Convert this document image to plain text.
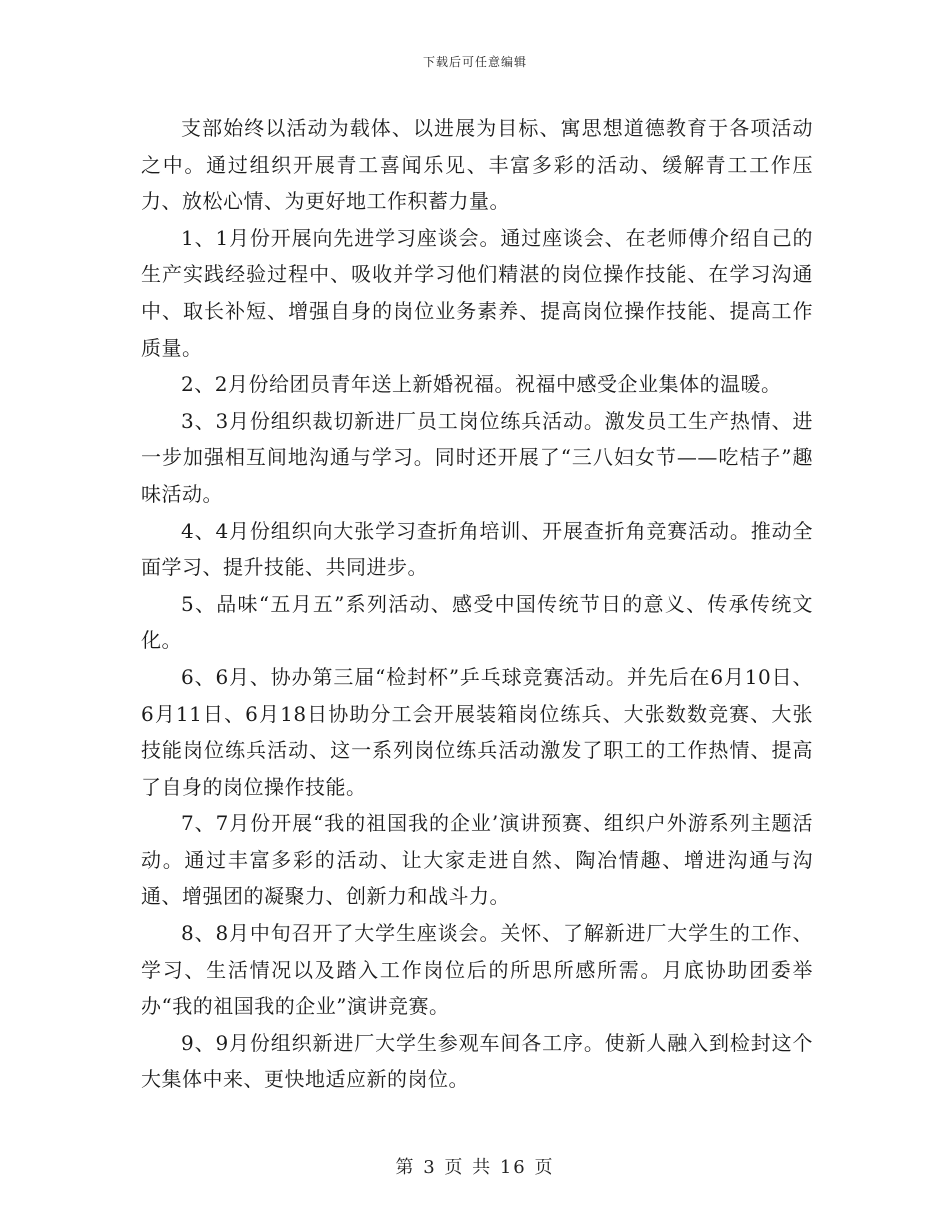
下载后可任意编辑

支部始终以活动为载体、以进展为目标、寓思想道德教育于各项活动之中。通过组织开展青工喜闻乐见、丰富多彩的活动、缓解青工工作压力、放松心情、为更好地工作积蓄力量。

1、1月份开展向先进学习座谈会。通过座谈会、在老师傅介绍自己的生产实践经验过程中、吸收并学习他们精湛的岗位操作技能、在学习沟通中、取长补短、增强自身的岗位业务素养、提高岗位操作技能、提高工作质量。

2、2月份给团员青年送上新婚祝福。祝福中感受企业集体的温暖。

3、3月份组织裁切新进厂员工岗位练兵活动。激发员工生产热情、进一步加强相互间地沟通与学习。同时还开展了“三八妇女节——吃桔子”趣味活动。

4、4月份组织向大张学习查折角培训、开展查折角竞赛活动。推动全面学习、提升技能、共同进步。

5、品味“五月五”系列活动、感受中国传统节日的意义、传承传统文化。

6、6月、协办第三届“检封杯”乒乓球竞赛活动。并先后在6月10日、6月11日、6月18日协助分工会开展装箱岗位练兵、大张数数竞赛、大张技能岗位练兵活动、这一系列岗位练兵活动激发了职工的工作热情、提高了自身的岗位操作技能。

7、7月份开展“我的祖国我的企业’演讲预赛、组织户外游系列主题活动。通过丰富多彩的活动、让大家走进自然、陶冶情趣、增进沟通与沟通、增强团的凝聚力、创新力和战斗力。

8、8月中旬召开了大学生座谈会。关怀、了解新进厂大学生的工作、学习、生活情况以及踏入工作岗位后的所思所感所需。月底协助团委举办“我的祖国我的企业”演讲竞赛。

9、9月份组织新进厂大学生参观车间各工序。使新人融入到检封这个大集体中来、更快地适应新的岗位。

第 3 页 共 16 页
